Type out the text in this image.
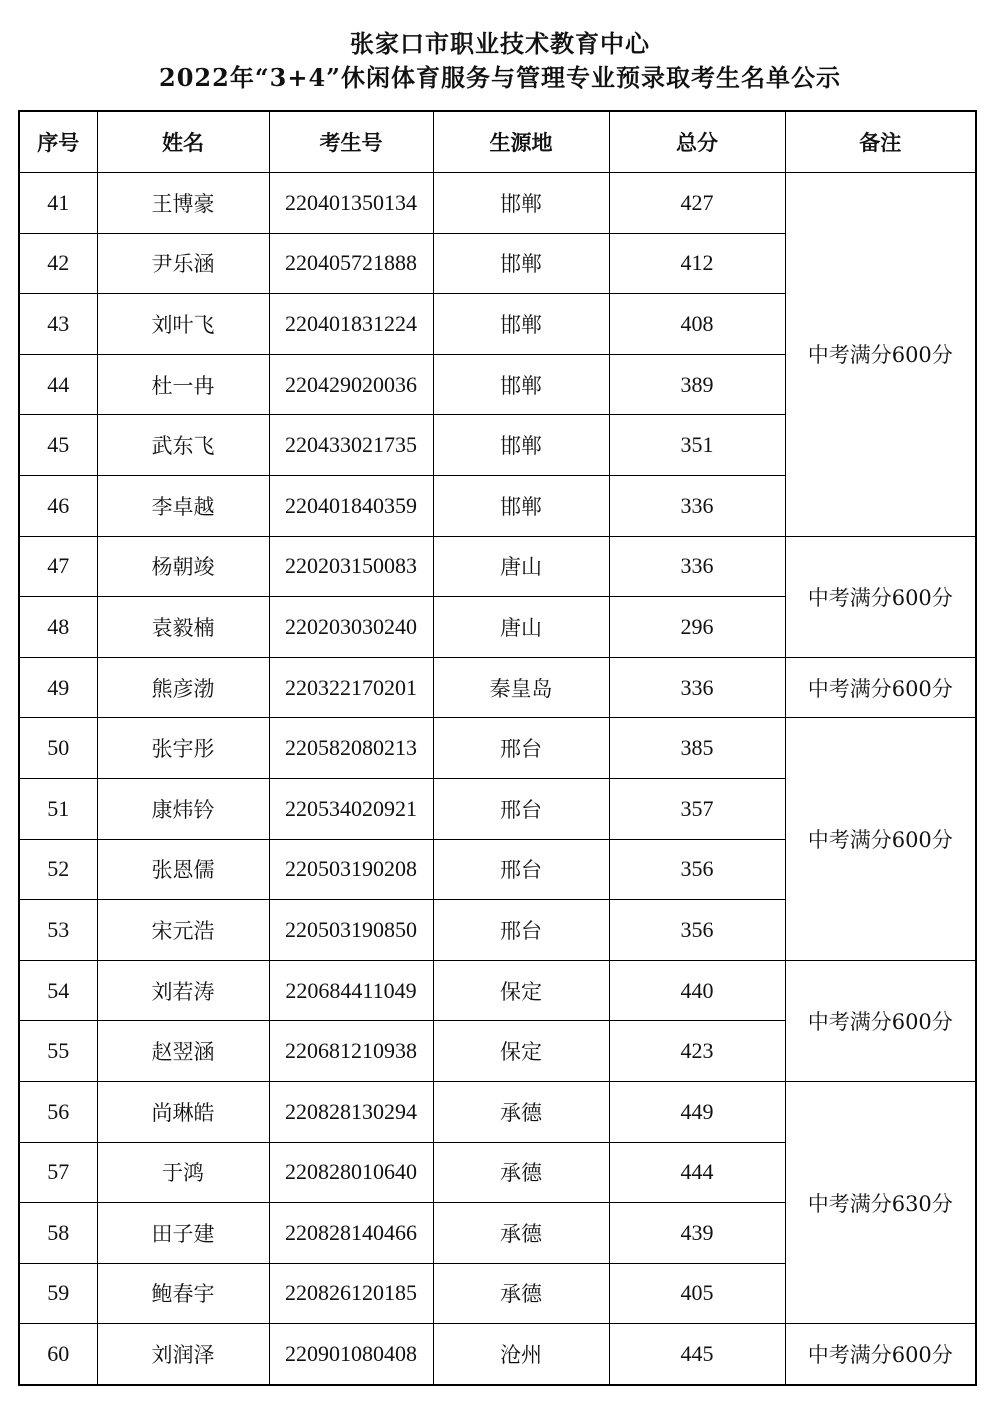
张家口市职业技术教育中心
2022年“3+4”休闲体育服务与管理专业预录取考生名单公示
序号	姓名	考生号	生源地	总分	备注
41	王博豪	220401350134	邯郸	427	中考满分600分
42	尹乐涵	220405721888	邯郸	412	
43	刘叶飞	220401831224	邯郸	408	
44	杜一冉	220429020036	邯郸	389	
45	武东飞	220433021735	邯郸	351	
46	李卓越	220401840359	邯郸	336	
47	杨朝竣	220203150083	唐山	336	中考满分600分
48	袁毅楠	220203030240	唐山	296	
49	熊彦渤	220322170201	秦皇岛	336	中考满分600分
50	张宇彤	220582080213	邢台	385	中考满分600分
51	康炜钤	220534020921	邢台	357	
52	张恩儒	220503190208	邢台	356	
53	宋元浩	220503190850	邢台	356	
54	刘若涛	220684411049	保定	440	中考满分600分
55	赵翌涵	220681210938	保定	423	
56	尚琳皓	220828130294	承德	449	中考满分630分
57	于鸿	220828010640	承德	444	
58	田子建	220828140466	承德	439	
59	鲍春宇	220826120185	承德	405	
60	刘润泽	220901080408	沧州	445	中考满分600分
